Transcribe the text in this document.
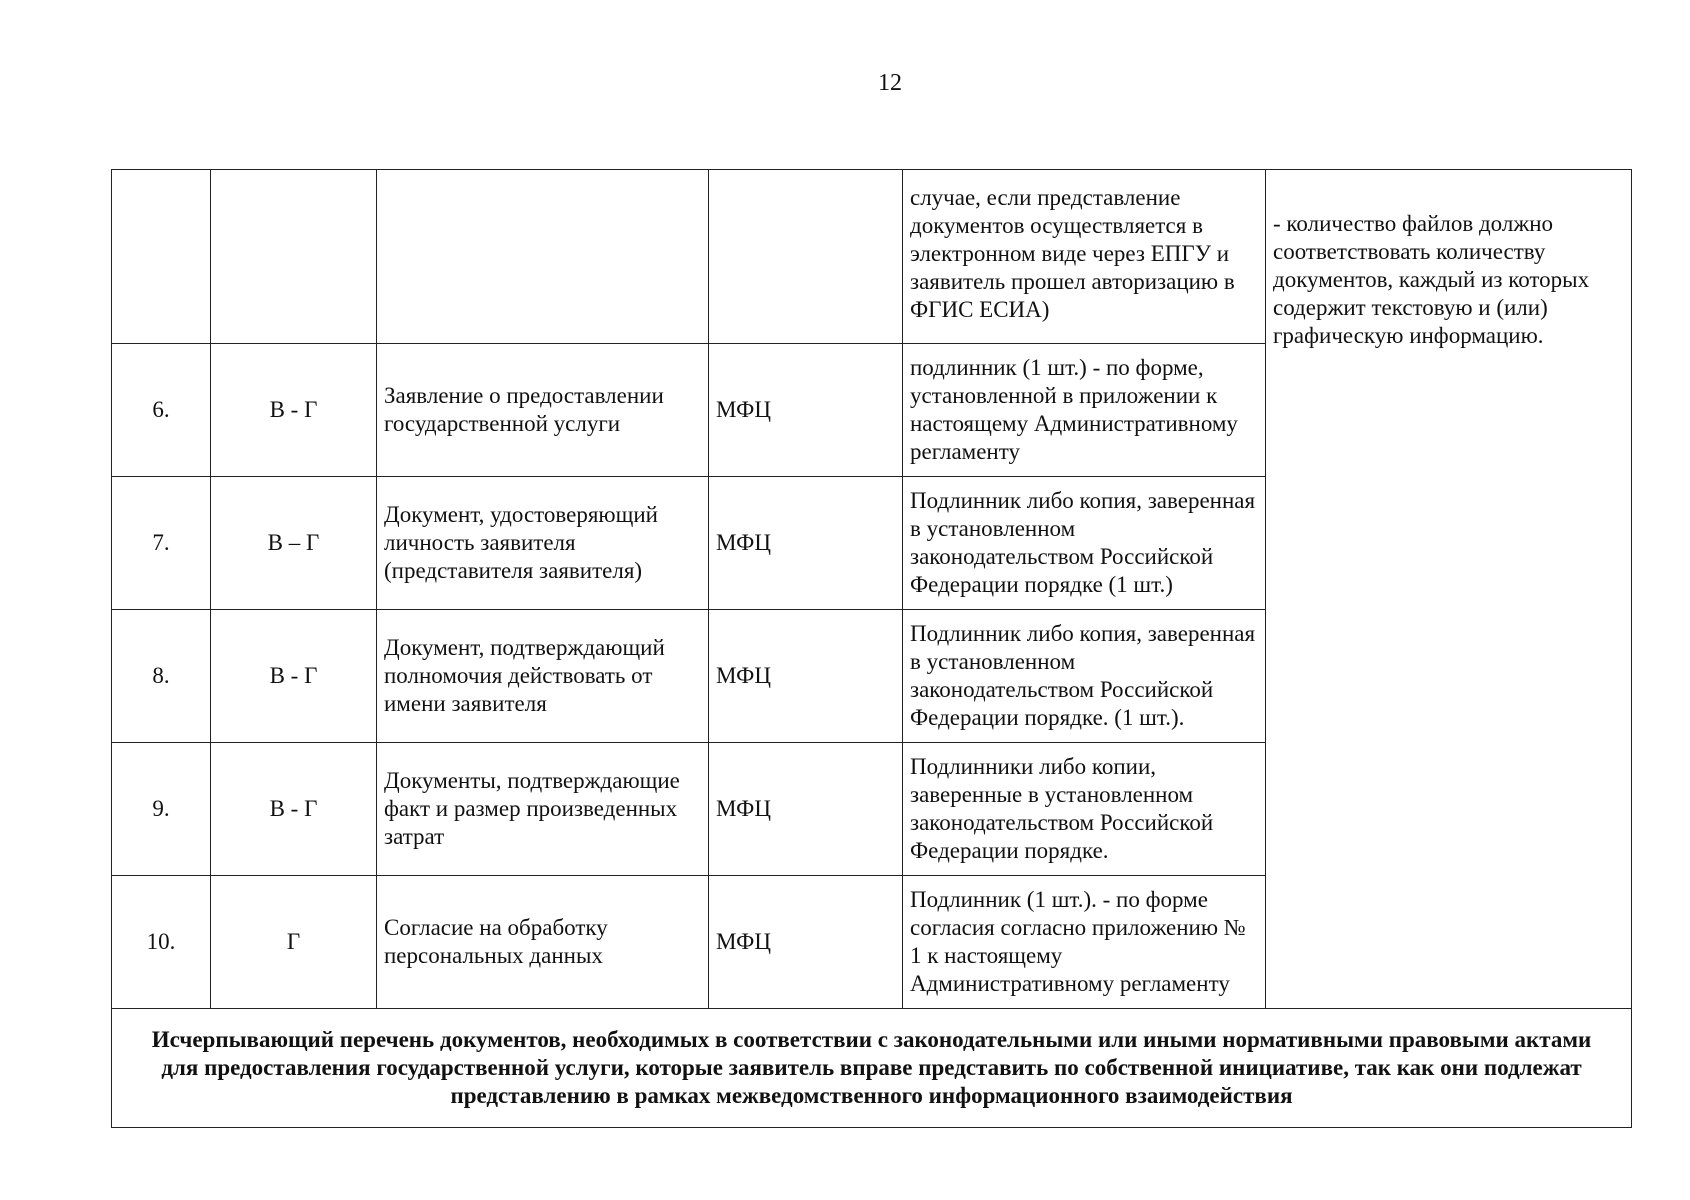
12
				случае, если представление документов осуществляется в электронном виде через ЕПГУ и заявитель прошел авторизацию в ФГИС ЕСИА)	- количество файлов должно соответствовать количеству документов, каждый из которых содержит текстовую и (или) графическую информацию.
6.	В - Г	Заявление о предоставлении государственной услуги	МФЦ	подлинник (1 шт.) - по форме, установленной в приложении к настоящему Административному регламенту	
7.	В – Г	Документ, удостоверяющий личность заявителя (представителя заявителя)	МФЦ	Подлинник либо копия, заверенная в установленном законодательством Российской Федерации порядке (1 шт.)	
8.	В - Г	Документ, подтверждающий полномочия действовать от имени заявителя	МФЦ	Подлинник либо копия, заверенная в установленном законодательством Российской Федерации порядке. (1 шт.).	
9.	В - Г	Документы, подтверждающие факт и размер произведенных затрат	МФЦ	Подлинники либо копии, заверенные в установленном законодательством Российской Федерации порядке.	
10.	Г	Согласие на обработку персональных данных	МФЦ	Подлинник (1 шт.). - по форме согласия согласно приложению № 1 к настоящему Административному регламенту	
Исчерпывающий перечень документов, необходимых в соответствии с законодательными или иными нормативными правовыми актами для предоставления государственной услуги, которые заявитель вправе представить по собственной инициативе, так как они подлежат представлению в рамках межведомственного информационного взаимодействия					
